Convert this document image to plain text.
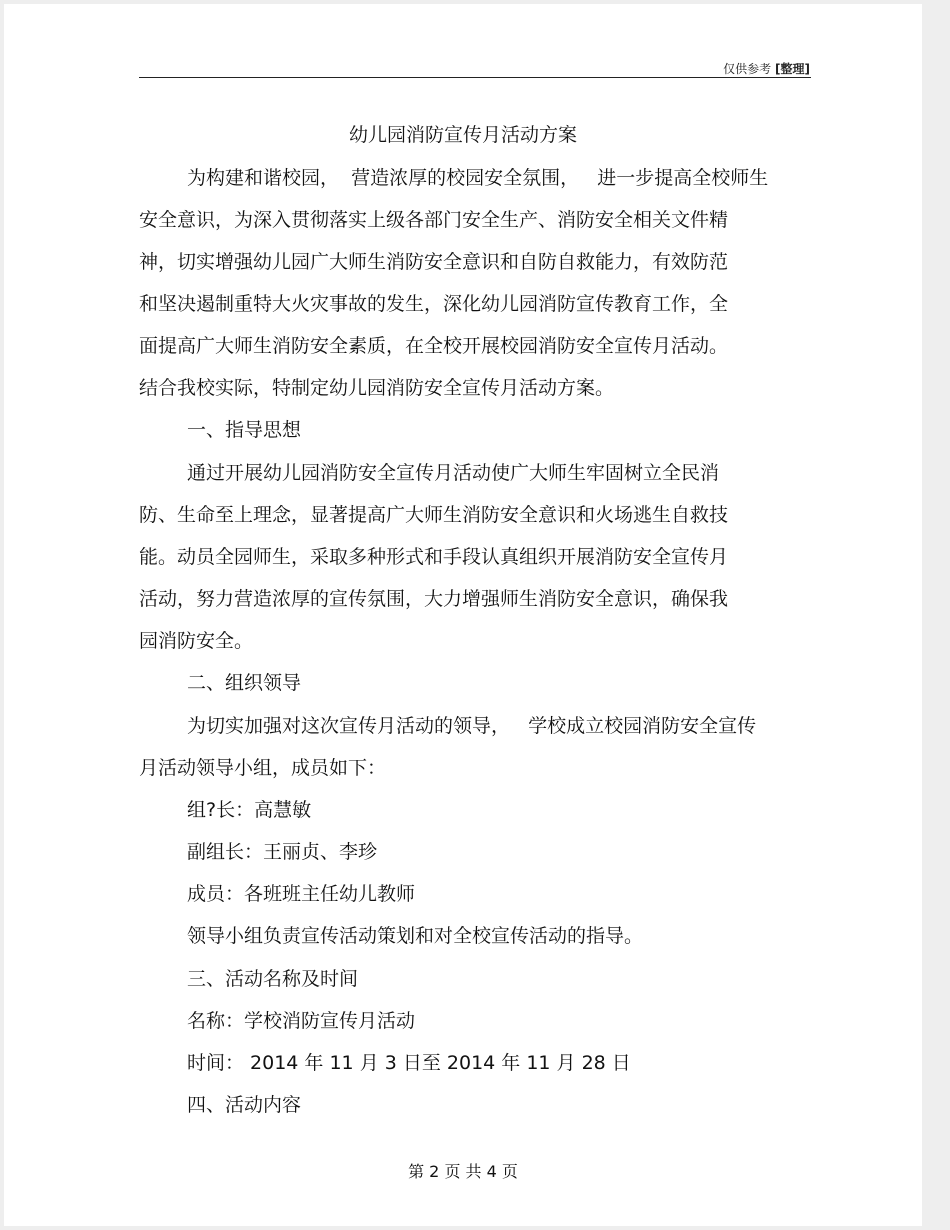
仅供参考 [整理]
幼儿园消防宣传月活动方案
为构建和谐校园，  营造浓厚的校园安全氛围，   进一步提高全校师生
安全意识，为深入贯彻落实上级各部门安全生产、消防安全相关文件精
神，切实增强幼儿园广大师生消防安全意识和自防自救能力，有效防范
和坚决遏制重特大火灾事故的发生，深化幼儿园消防宣传教育工作，全
面提高广大师生消防安全素质，在全校开展校园消防安全宣传月活动。
结合我校实际，特制定幼儿园消防安全宣传月活动方案。
一、指导思想
通过开展幼儿园消防安全宣传月活动使广大师生牢固树立全民消
防、生命至上理念，显著提高广大师生消防安全意识和火场逃生自救技
能。动员全园师生，采取多种形式和手段认真组织开展消防安全宣传月
活动，努力营造浓厚的宣传氛围，大力增强师生消防安全意识，确保我
园消防安全。
二、组织领导
为切实加强对这次宣传月活动的领导，   学校成立校园消防安全宣传
月活动领导小组，成员如下：
组?长：高慧敏
副组长：王丽贞、李珍
成员：各班班主任幼儿教师
领导小组负责宣传活动策划和对全校宣传活动的指导。
三、活动名称及时间
名称：学校消防宣传月活动
时间： 2014 年 11 月 3 日至 2014 年 11 月 28 日
四、活动内容
第 2 页 共 4 页
